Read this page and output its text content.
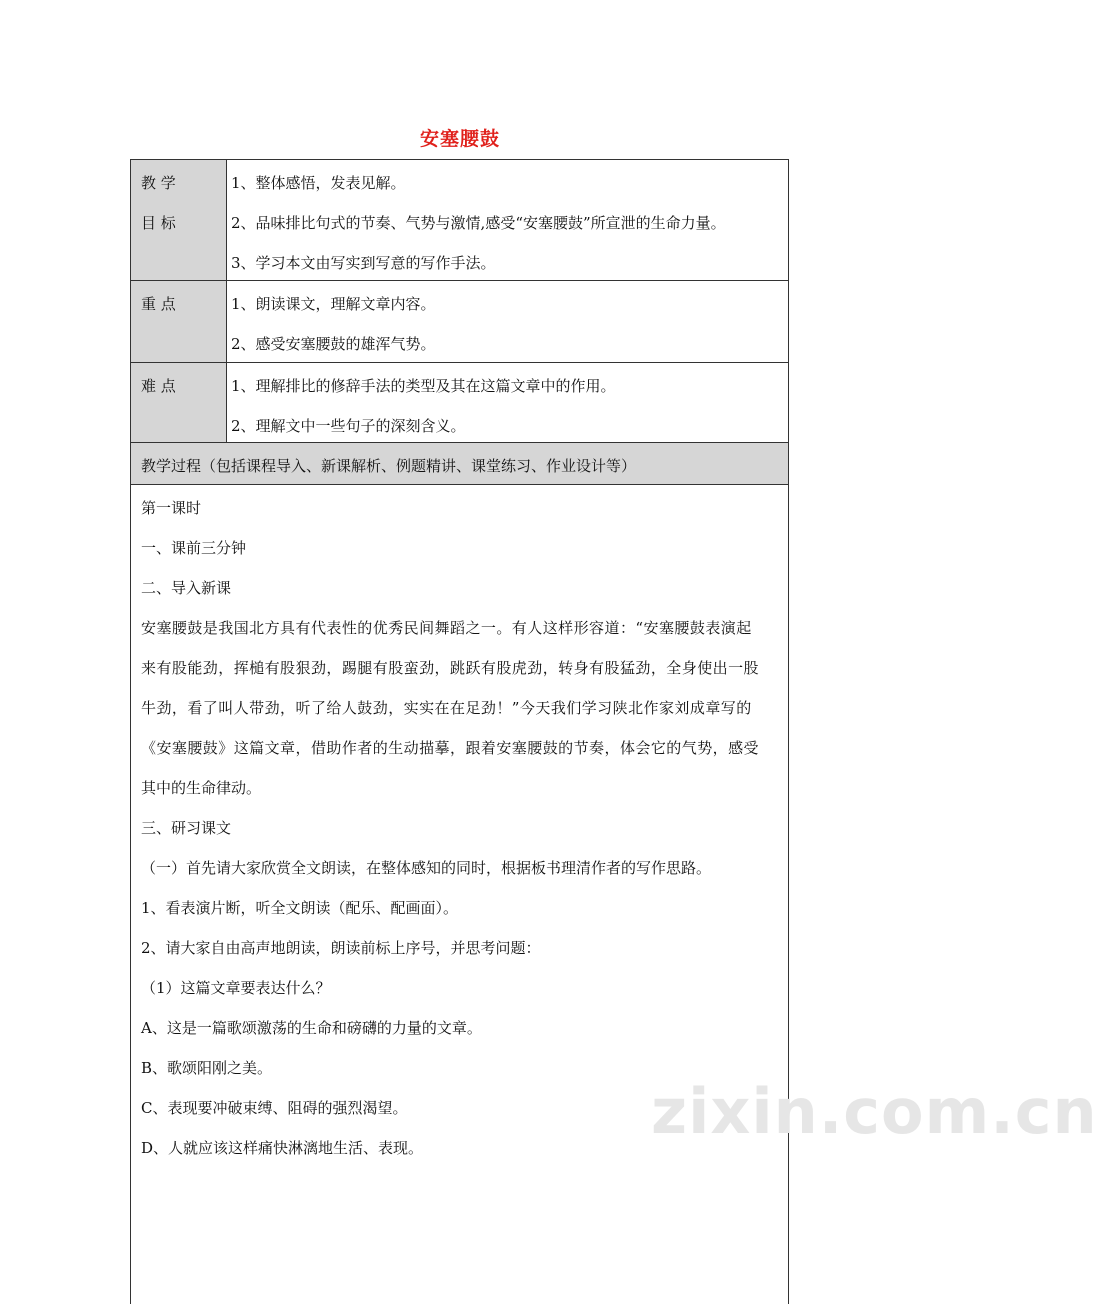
安塞腰鼓
教 学
目 标
1、整体感悟，发表见解。
2、品味排比句式的节奏、气势与激情,感受“安塞腰鼓”所宣泄的生命力量。
3、学习本文由写实到写意的写作手法。
重 点	1、朗读课文，理解文章内容。
2、感受安塞腰鼓的雄浑气势。
难 点	1、理解排比的修辞手法的类型及其在这篇文章中的作用。
2、理解文中一些句子的深刻含义。
教学过程（包括课程导入、新课解析、例题精讲、课堂练习、作业设计等）
zixin.com.cn
第一课时
一、课前三分钟
二、导入新课
安塞腰鼓是我国北方具有代表性的优秀民间舞蹈之一。有人这样形容道：“安塞腰鼓表演起
来有股能劲，挥槌有股狠劲，踢腿有股蛮劲，跳跃有股虎劲，转身有股猛劲，全身使出一股
牛劲，看了叫人带劲，听了给人鼓劲，实实在在足劲！”今天我们学习陕北作家刘成章写的
《安塞腰鼓》这篇文章，借助作者的生动描摹，跟着安塞腰鼓的节奏，体会它的气势，感受
其中的生命律动。
三、研习课文
（一）首先请大家欣赏全文朗读，在整体感知的同时，根据板书理清作者的写作思路。
1、看表演片断，听全文朗读（配乐、配画面）。
2、请大家自由高声地朗读，朗读前标上序号，并思考问题：
（1）这篇文章要表达什么？
A、这是一篇歌颂激荡的生命和磅礴的力量的文章。
B、歌颂阳刚之美。
C、表现要冲破束缚、阻碍的强烈渴望。
D、人就应该这样痛快淋漓地生活、表现。
